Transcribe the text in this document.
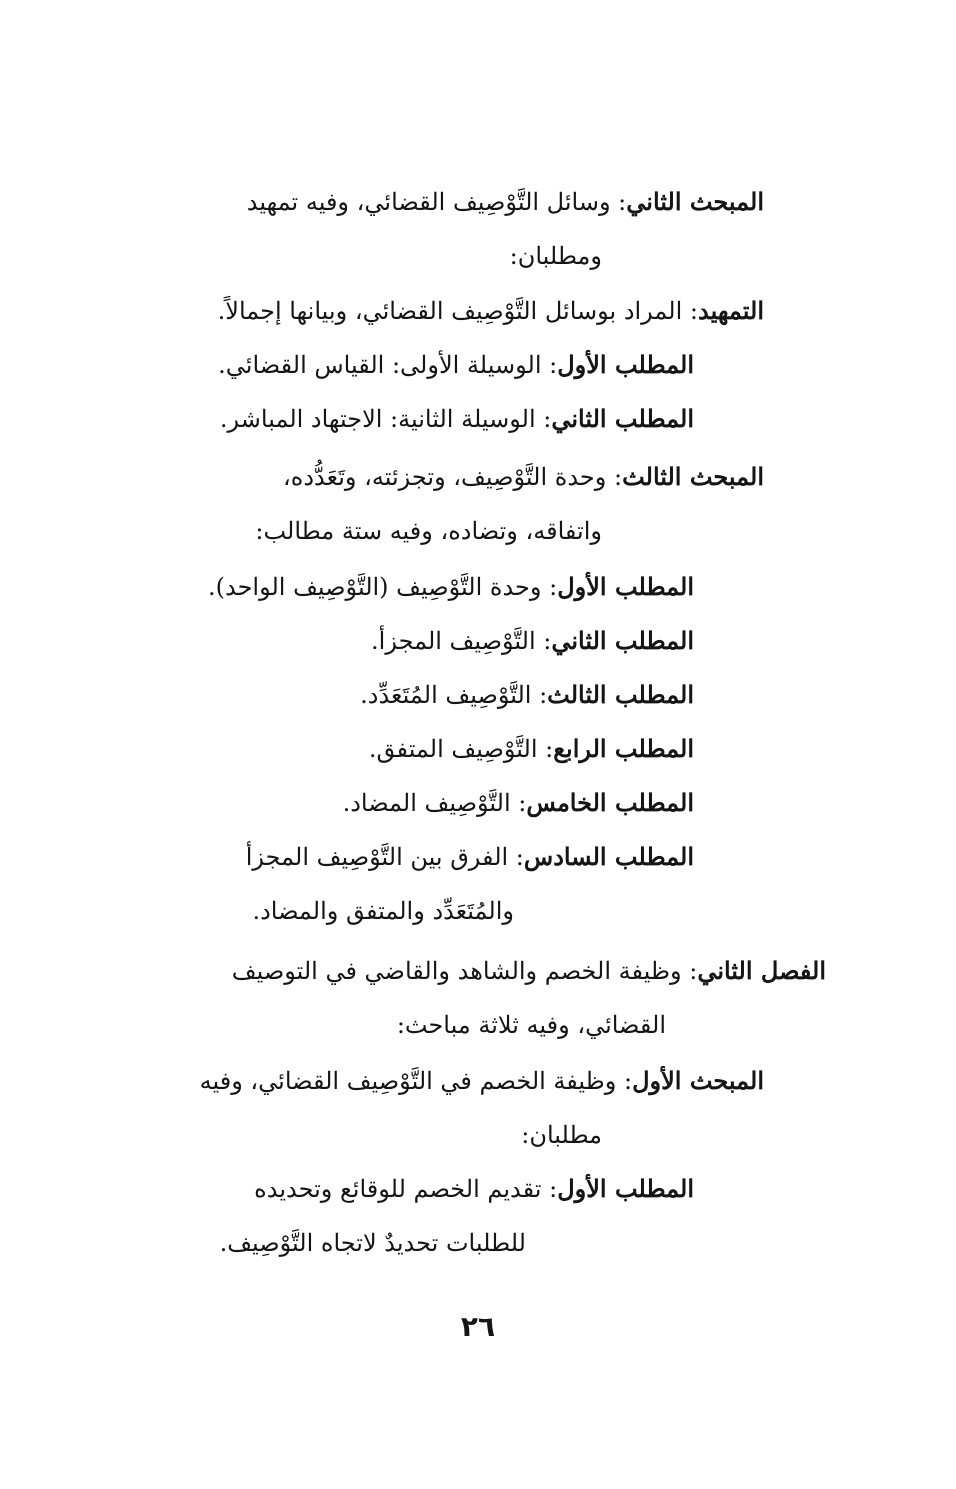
المبحث الثاني: وسائل التَّوْصِيف القضائي، وفيه تمهيد
ومطلبان:
التمهيد: المراد بوسائل التَّوْصِيف القضائي، وبيانها إجمالاً.
المطلب الأول: الوسيلة الأولى: القياس القضائي.
المطلب الثاني: الوسيلة الثانية: الاجتهاد المباشر.
المبحث الثالث: وحدة التَّوْصِيف، وتجزئته، وتَعَدُّده،
واتفاقه، وتضاده، وفيه ستة مطالب:
المطلب الأول: وحدة التَّوْصِيف (التَّوْصِيف الواحد).
المطلب الثاني: التَّوْصِيف المجزأ.
المطلب الثالث: التَّوْصِيف المُتَعَدِّد.
المطلب الرابع: التَّوْصِيف المتفق.
المطلب الخامس: التَّوْصِيف المضاد.
المطلب السادس: الفرق بين التَّوْصِيف المجزأ
والمُتَعَدِّد والمتفق والمضاد.
الفصل الثاني: وظيفة الخصم والشاهد والقاضي في التوصيف
القضائي، وفيه ثلاثة مباحث:
المبحث الأول: وظيفة الخصم في التَّوْصِيف القضائي، وفيه
مطلبان:
المطلب الأول: تقديم الخصم للوقائع وتحديده
للطلبات تحديدٌ لاتجاه التَّوْصِيف.
٢٦
